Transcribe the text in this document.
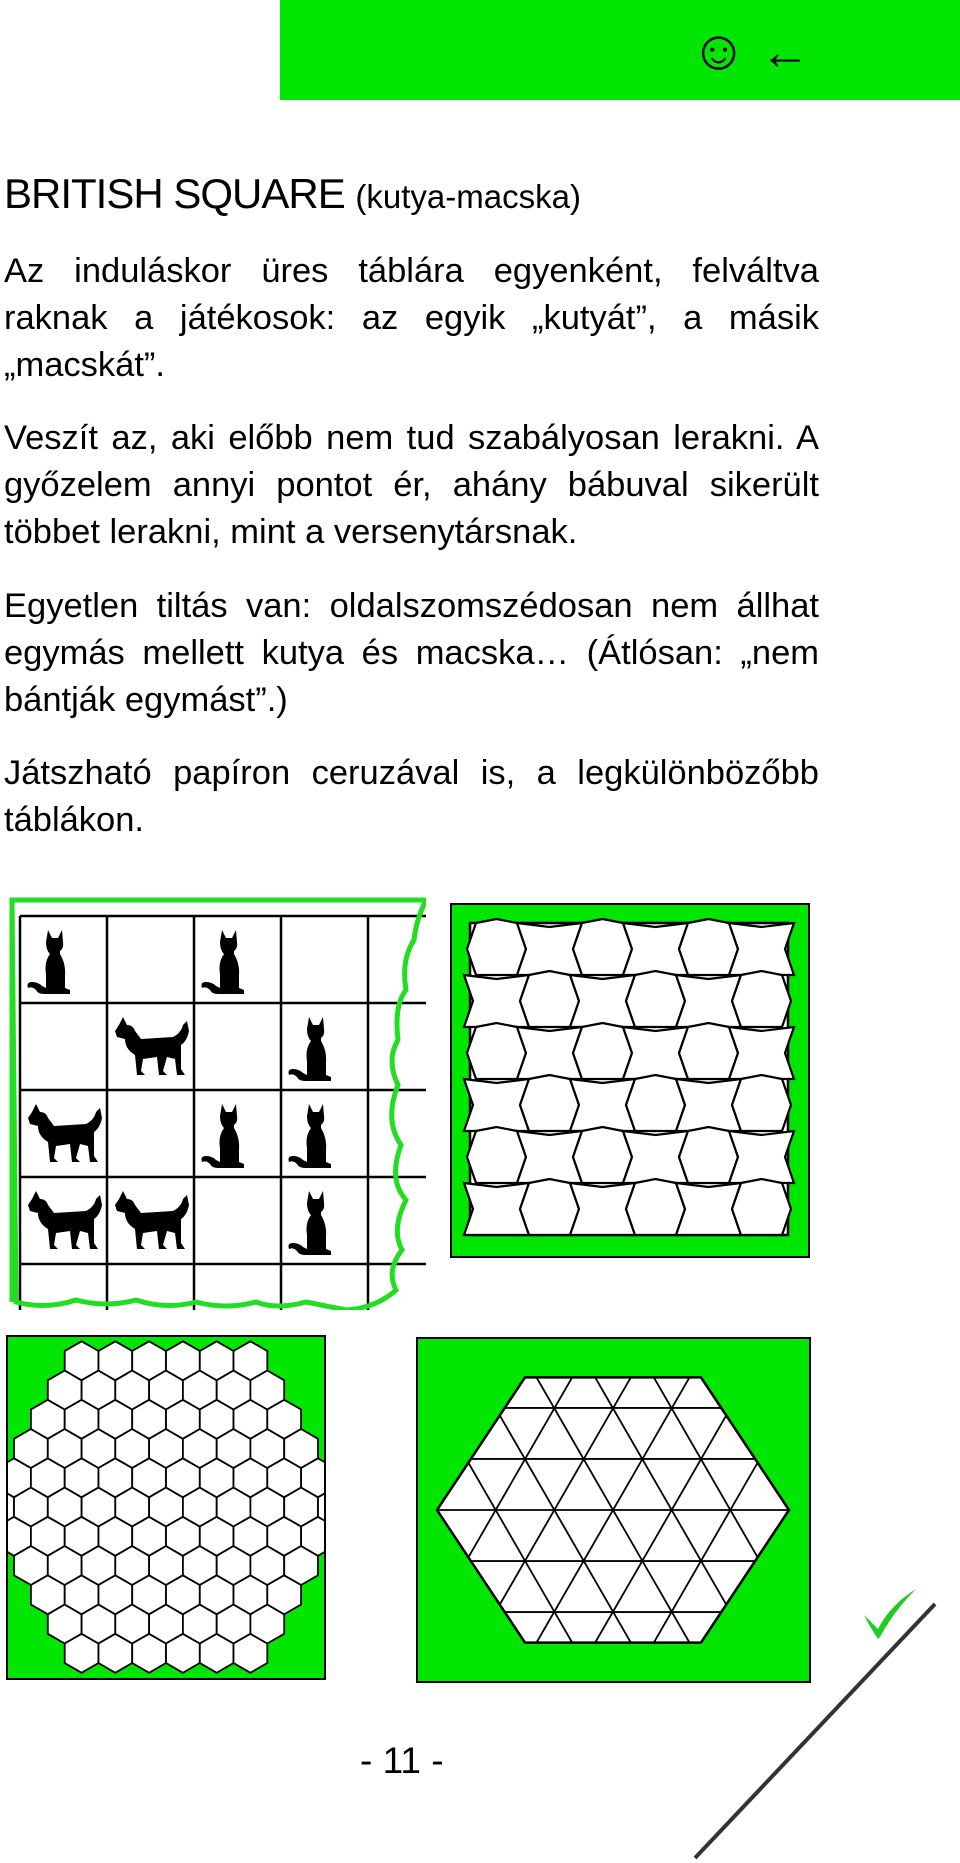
☺ ←
BRITISH SQUARE (kutya-macska)

Az induláskor üres táblára egyenként, felváltva raknak a játékosok: az egyik „kutyát”, a másik „macskát”.

Veszít az, aki előbb nem tud szabályosan lerakni. A győzelem annyi pontot ér, ahány bábuval sikerült többet lerakni, mint a versenytársnak.

Egyetlen tiltás van: oldalszomszédosan nem állhat egymás mellett kutya és macska… (Átlósan: „nem bántják egymást”.)

Játszható papíron ceruzával is, a legkülönbözőbb táblákon.

- 11 -
